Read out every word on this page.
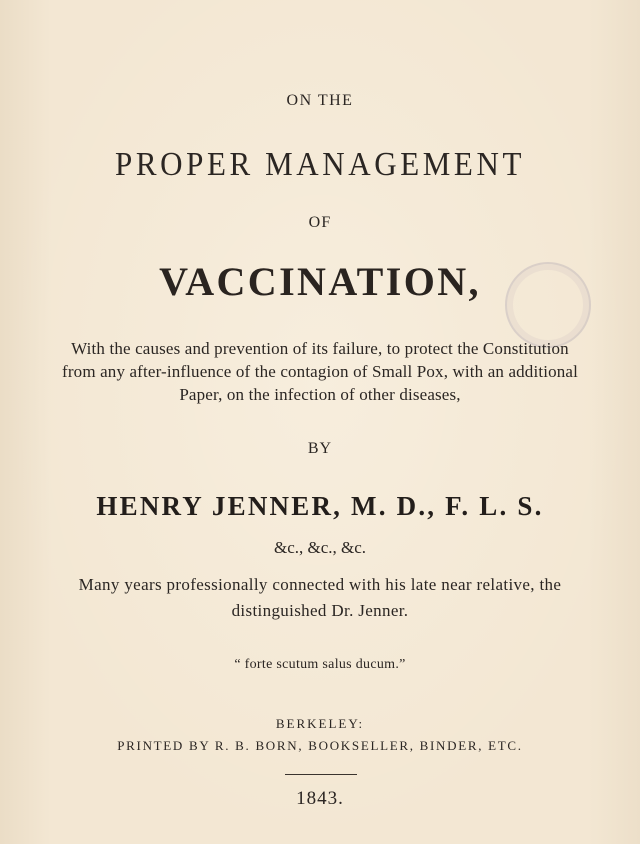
ON THE
PROPER MANAGEMENT
OF
VACCINATION,
With the causes and prevention of its failure, to protect the Constitution
from any after-influence of the contagion of Small Pox, with an additional
Paper, on the infection of other diseases,
BY
HENRY JENNER, M. D., F. L. S.
&c., &c., &c.
Many years professionally connected with his late near relative, the
distinguished Dr. Jenner.
“ forte scutum salus ducum.”
BERKELEY:
PRINTED BY R. B. BORN, BOOKSELLER, BINDER, ETC.
1843.
